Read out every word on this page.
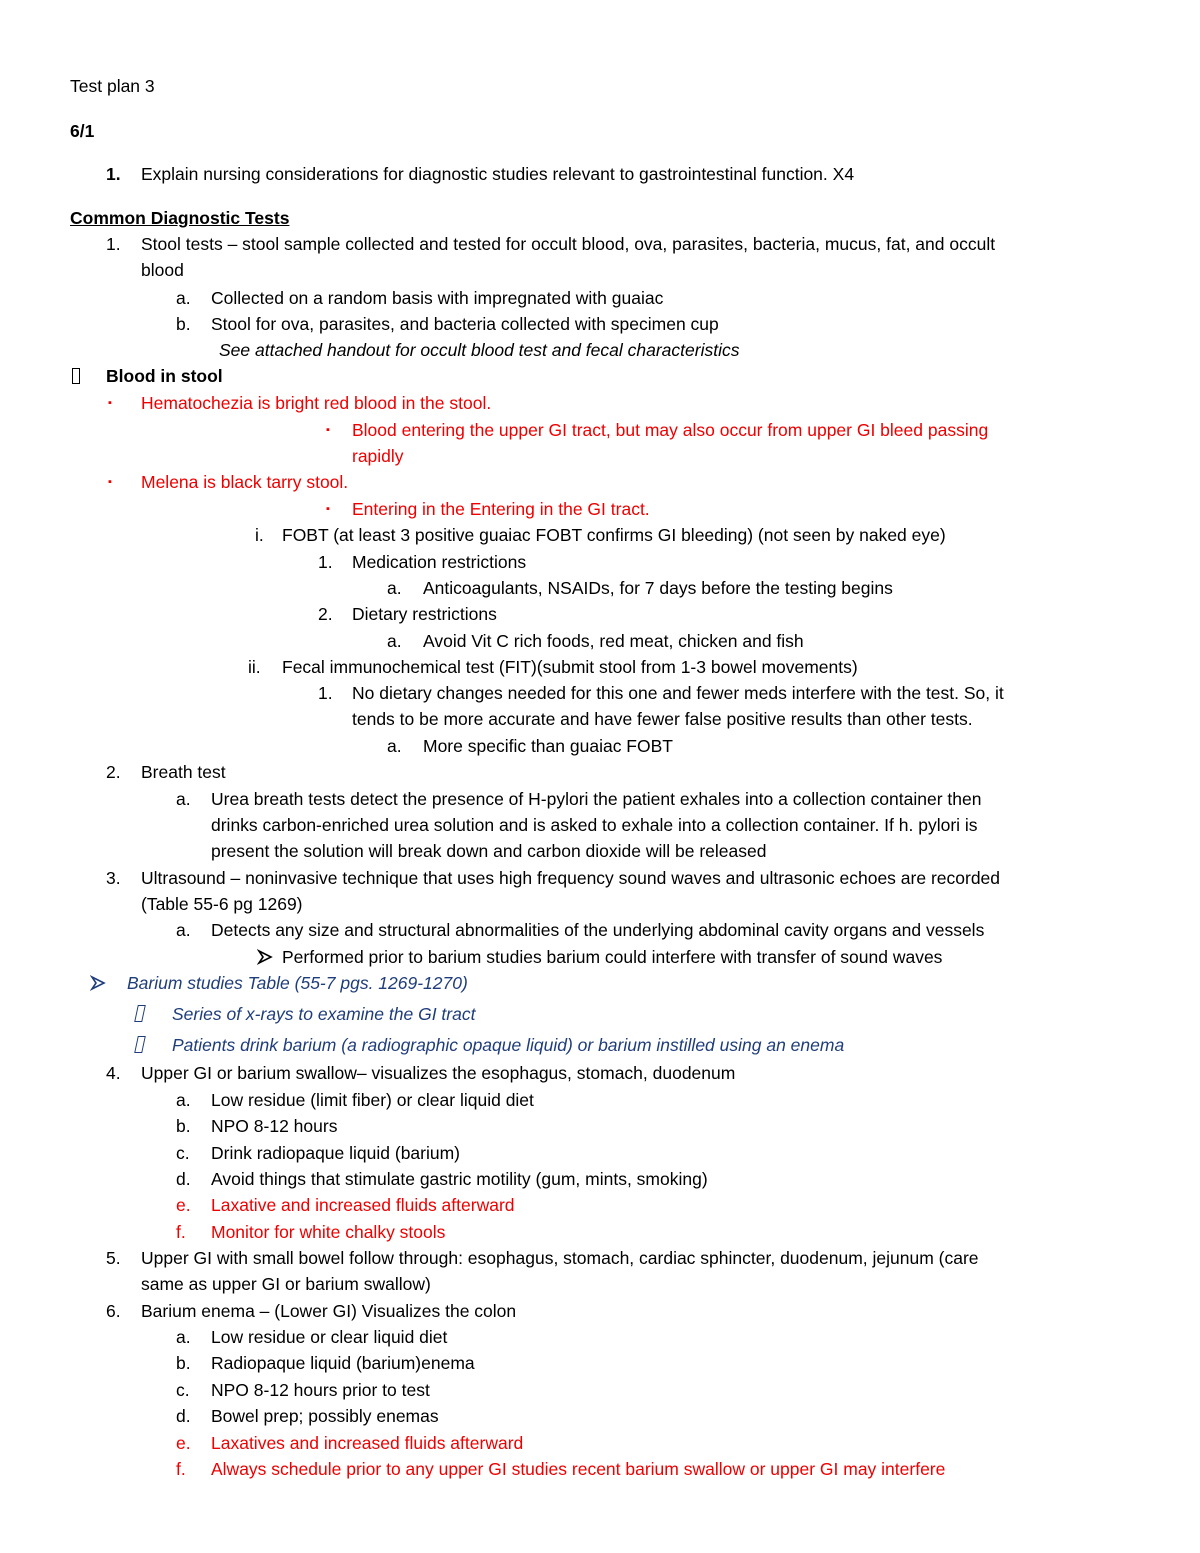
Test plan 3
6/1
1. Explain nursing considerations for diagnostic studies relevant to gastrointestinal function. X4
Common Diagnostic Tests
1. Stool tests – stool sample collected and tested for occult blood, ova, parasites, bacteria, mucus, fat, and occult
blood
a. Collected on a random basis with impregnated with guaiac
b. Stool for ova, parasites, and bacteria collected with specimen cup
See attached handout for occult blood test and fecal characteristics
Blood in stool
▪ Hematochezia is bright red blood in the stool.
▪ Blood entering the upper GI tract, but may also occur from upper GI bleed passing
rapidly
▪ Melena is black tarry stool.
▪ Entering in the Entering in the GI tract.
i. FOBT (at least 3 positive guaiac FOBT confirms GI bleeding) (not seen by naked eye)
1. Medication restrictions
a. Anticoagulants, NSAIDs, for 7 days before the testing begins
2. Dietary restrictions
a. Avoid Vit C rich foods, red meat, chicken and fish
ii. Fecal immunochemical test (FIT)(submit stool from 1-3 bowel movements)
1. No dietary changes needed for this one and fewer meds interfere with the test. So, it
tends to be more accurate and have fewer false positive results than other tests.
a. More specific than guaiac FOBT
2. Breath test
a. Urea breath tests detect the presence of H-pylori the patient exhales into a collection container then
drinks carbon-enriched urea solution and is asked to exhale into a collection container. If h. pylori is
present the solution will break down and carbon dioxide will be released
3. Ultrasound – noninvasive technique that uses high frequency sound waves and ultrasonic echoes are recorded
(Table 55-6 pg 1269)
a. Detects any size and structural abnormalities of the underlying abdominal cavity organs and vessels
Performed prior to barium studies barium could interfere with transfer of sound waves
Barium studies Table (55-7 pgs. 1269-1270)
Series of x-rays to examine the GI tract
Patients drink barium (a radiographic opaque liquid) or barium instilled using an enema
4. Upper GI or barium swallow– visualizes the esophagus, stomach, duodenum
a. Low residue (limit fiber) or clear liquid diet
b. NPO 8-12 hours
c. Drink radiopaque liquid (barium)
d. Avoid things that stimulate gastric motility (gum, mints, smoking)
e. Laxative and increased fluids afterward
f. Monitor for white chalky stools
5. Upper GI with small bowel follow through: esophagus, stomach, cardiac sphincter, duodenum, jejunum (care
same as upper GI or barium swallow)
6. Barium enema – (Lower GI) Visualizes the colon
a. Low residue or clear liquid diet
b. Radiopaque liquid (barium)enema
c. NPO 8-12 hours prior to test
d. Bowel prep; possibly enemas
e. Laxatives and increased fluids afterward
f. Always schedule prior to any upper GI studies recent barium swallow or upper GI may interfere
